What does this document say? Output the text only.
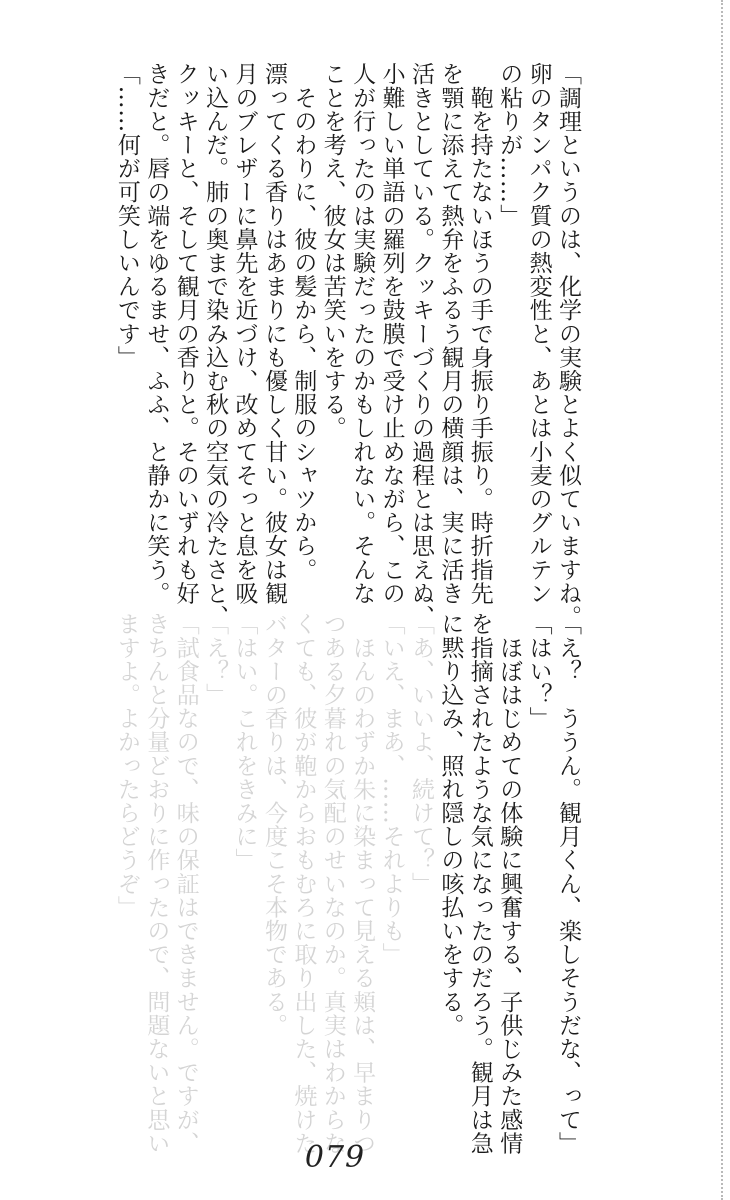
「調理というのは、化学の実験とよく似ていますね。
卵のタンパク質の熱変性と、あとは小麦のグルテン
の粘りが……」
　鞄を持たないほうの手で身振り手振り。時折指先
を顎に添えて熱弁をふるう観月の横顔は、実に活き
活きとしている。クッキーづくりの過程とは思えぬ、
小難しい単語の羅列を鼓膜で受け止めながら、この
人が行ったのは実験だったのかもしれない。そんな
ことを考え、彼女は苦笑いをする。
　そのわりに、彼の髪から、制服のシャツから。
漂ってくる香りはあまりにも優しく甘い。彼女は観
月のブレザーに鼻先を近づけ、改めてそっと息を吸
い込んだ。肺の奥まで染み込む秋の空気の冷たさと、
クッキーと、そして観月の香りと。そのいずれも好
きだと。唇の端をゆるませ、ふふ、と静かに笑う。
「……何が可笑しいんです」
「え？　ううん。観月くん、楽しそうだな、って」
「はい？」
　ほぼはじめての体験に興奮する、子供じみた感情
を指摘されたような気になったのだろう。観月は急
に黙り込み、照れ隠しの咳払いをする。
「あ、いいよ、続けて？」
「いえ、まあ、……それよりも」
　ほんのわずか朱に染まって見える頬は、早まりつ
つある夕暮れの気配のせいなのか。真実はわからな
くても、彼が鞄からおもむろに取り出した、焼けた
バターの香りは、今度こそ本物である。
「はい。これをきみに」
「え？」
「試食品なので、味の保証はできません。ですが、
きちんと分量どおりに作ったので、問題ないと思い
ますよ。よかったらどうぞ」
079
